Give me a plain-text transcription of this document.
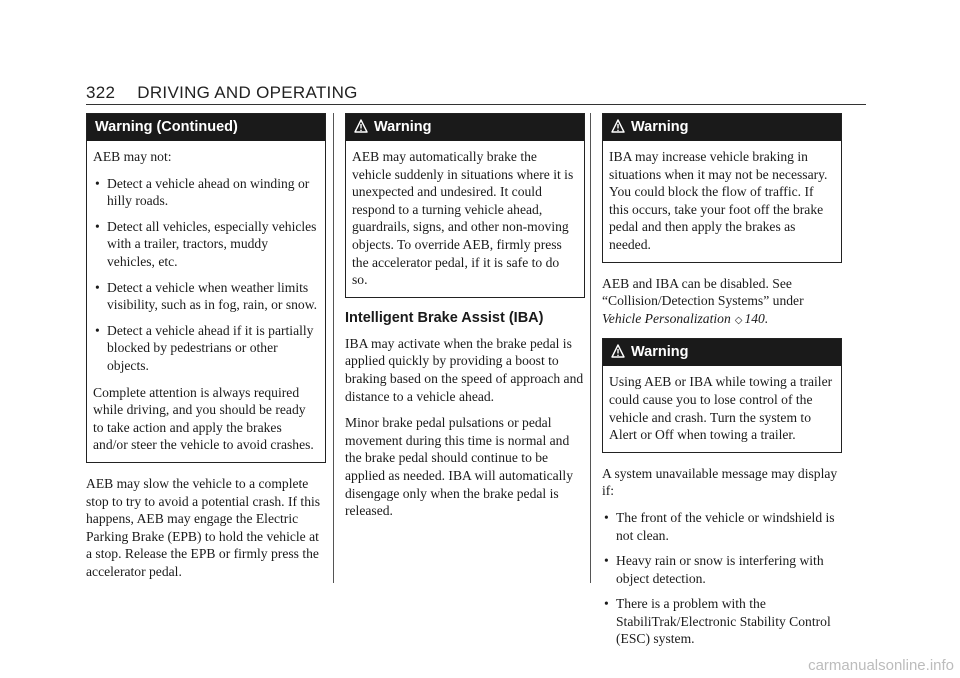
322 DRIVING AND OPERATING
Warning (Continued)

AEB may not:

• Detect a vehicle ahead on winding or hilly roads.
• Detect all vehicles, especially vehicles with a trailer, tractors, muddy vehicles, etc.
• Detect a vehicle when weather limits visibility, such as in fog, rain, or snow.
• Detect a vehicle ahead if it is partially blocked by pedestrians or other objects.

Complete attention is always required while driving, and you should be ready to take action and apply the brakes and/or steer the vehicle to avoid crashes.

AEB may slow the vehicle to a complete stop to try to avoid a potential crash. If this happens, AEB may engage the Electric Parking Brake (EPB) to hold the vehicle at a stop. Release the EPB or firmly press the accelerator pedal.

Warning

AEB may automatically brake the vehicle suddenly in situations where it is unexpected and undesired. It could respond to a turning vehicle ahead, guardrails, signs, and other non-moving objects. To override AEB, firmly press the accelerator pedal, if it is safe to do so.

Intelligent Brake Assist (IBA)

IBA may activate when the brake pedal is applied quickly by providing a boost to braking based on the speed of approach and distance to a vehicle ahead.

Minor brake pedal pulsations or pedal movement during this time is normal and the brake pedal should continue to be applied as needed. IBA will automatically disengage only when the brake pedal is released.

Warning

IBA may increase vehicle braking in situations when it may not be necessary. You could block the flow of traffic. If this occurs, take your foot off the brake pedal and then apply the brakes as needed.

AEB and IBA can be disabled. See “Collision/Detection Systems” under
Vehicle Personalization ◇ 140.

Warning

Using AEB or IBA while towing a trailer could cause you to lose control of the vehicle and crash. Turn the system to Alert or Off when towing a trailer.

A system unavailable message may display if:

• The front of the vehicle or windshield is not clean.
• Heavy rain or snow is interfering with object detection.
• There is a problem with the StabiliTrak/Electronic Stability Control (ESC) system.
carmanualsonline.info
